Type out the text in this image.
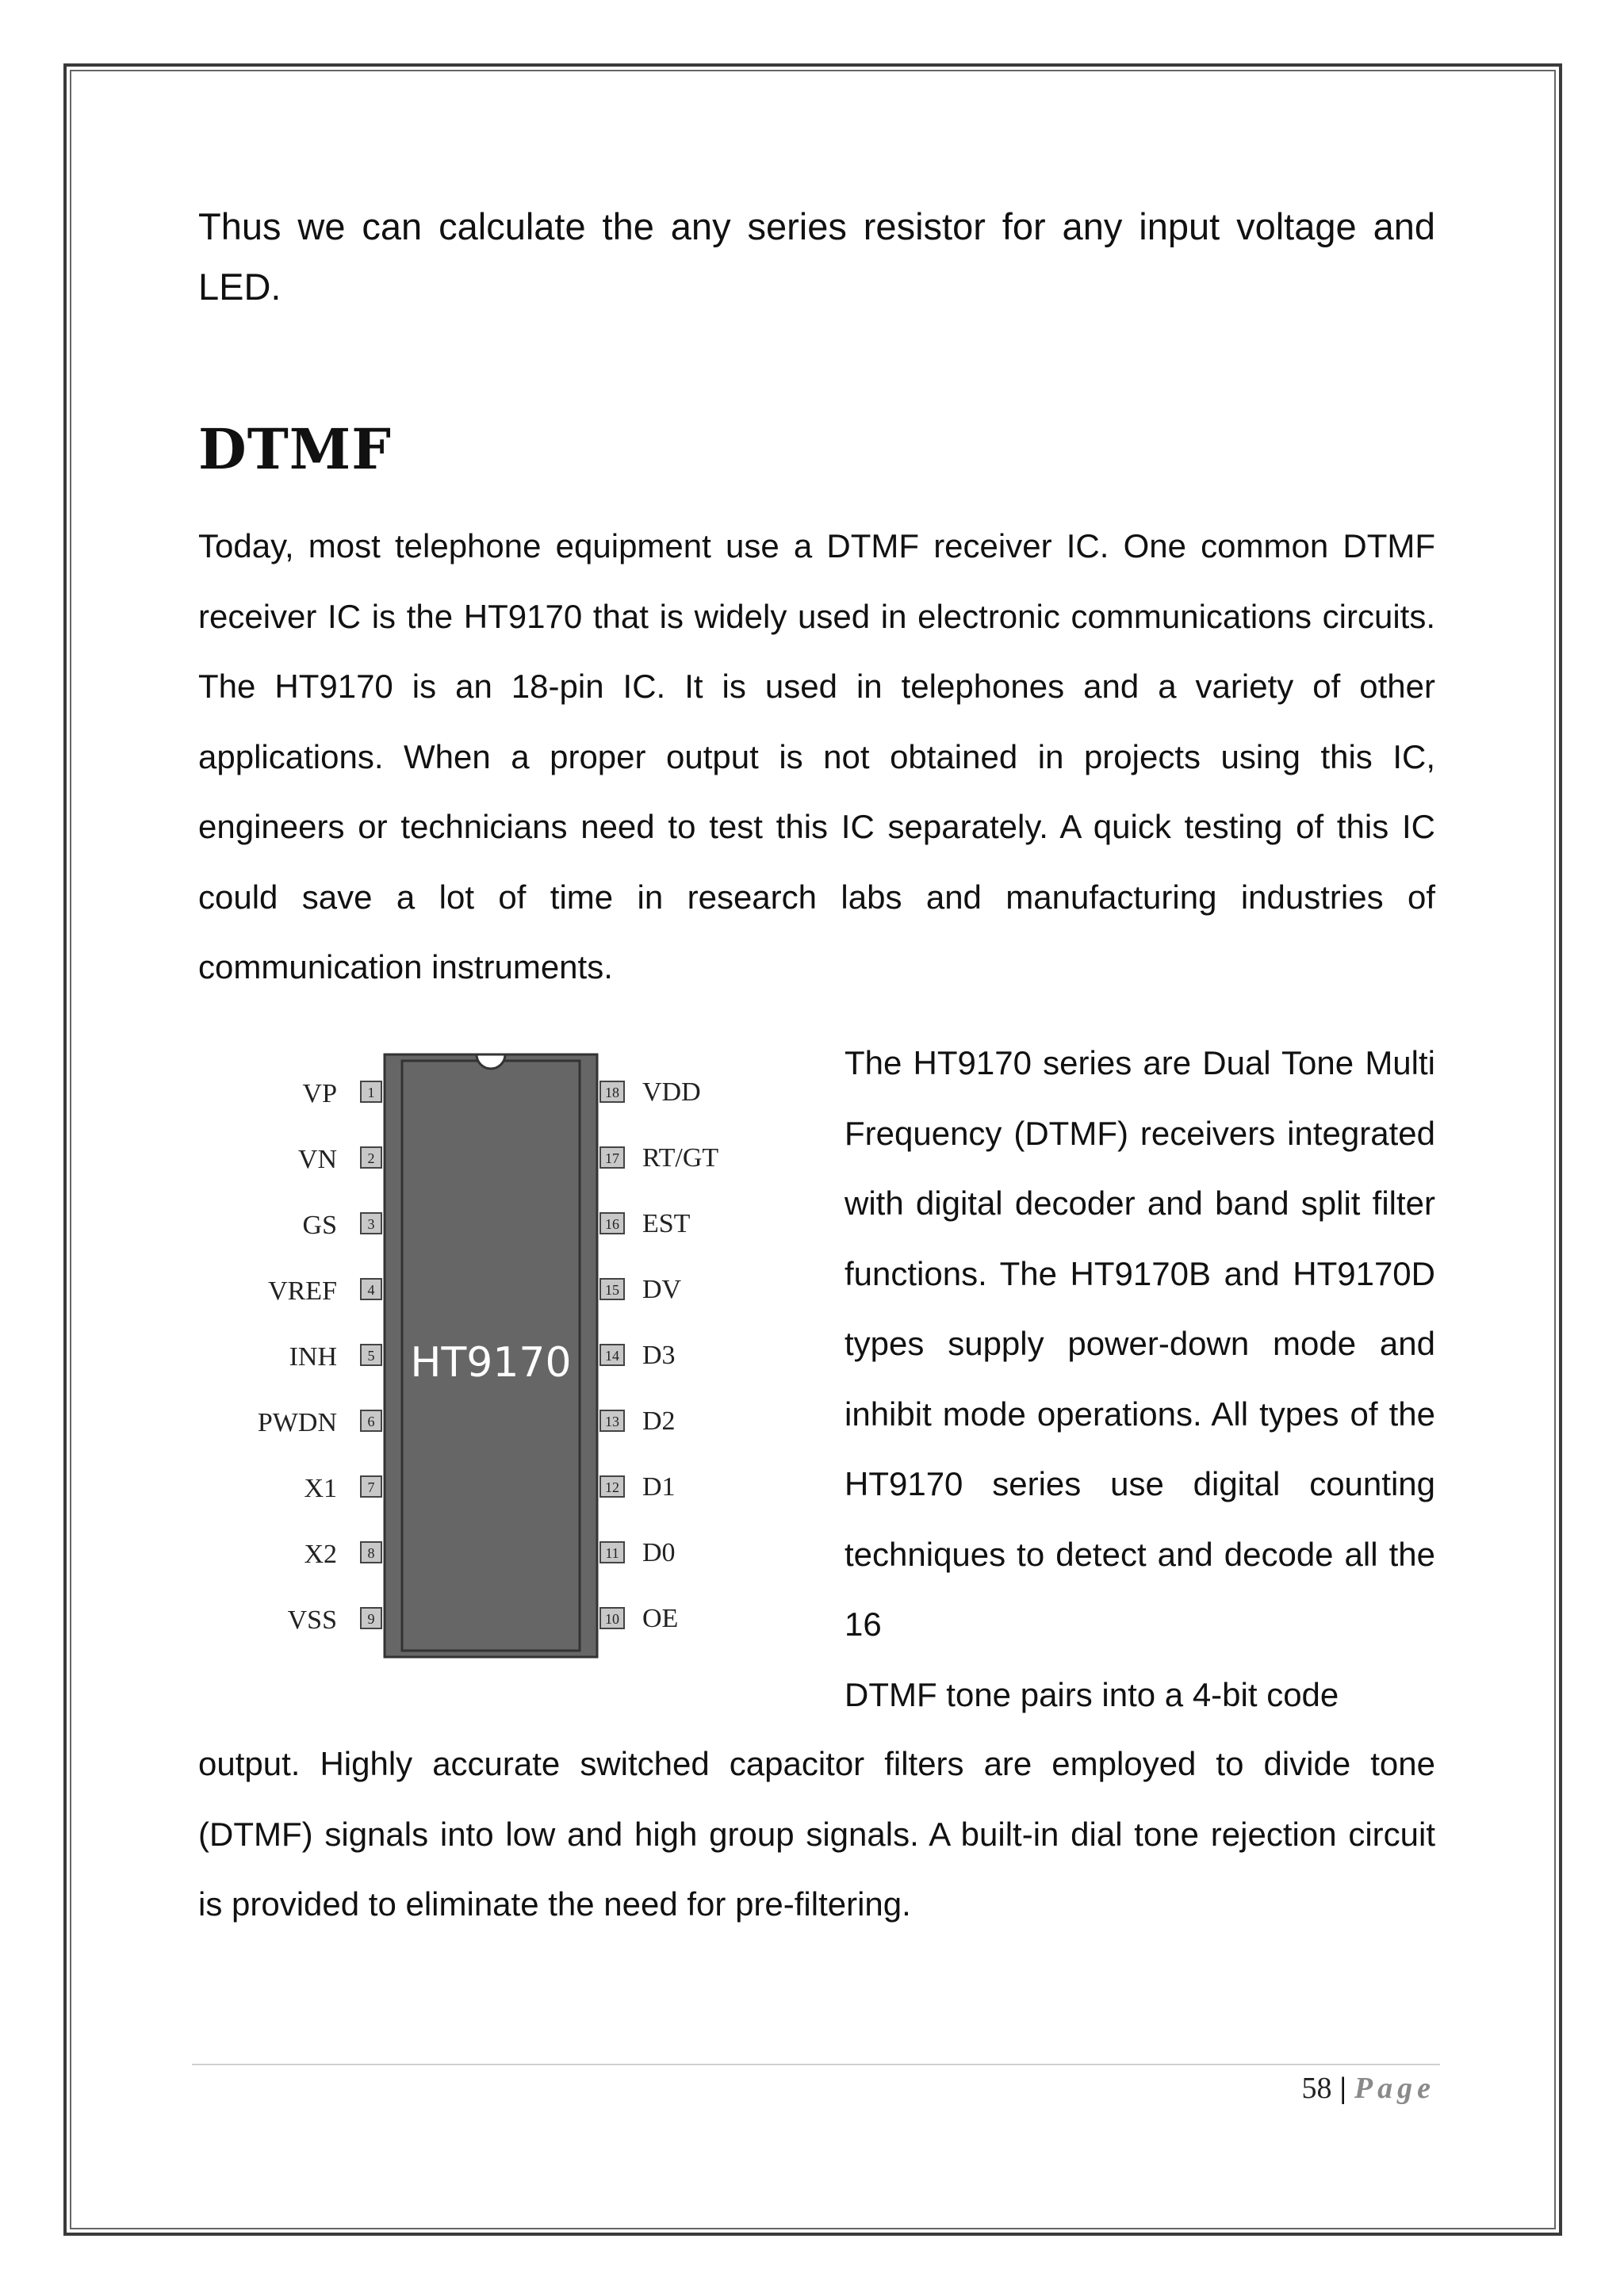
Thus we can calculate the any series resistor for any input voltage and LED.

DTMF

Today, most telephone equipment use a DTMF receiver IC. One common DTMF receiver IC is the HT9170 that is widely used in electronic communications circuits. The HT9170 is an 18-pin IC. It is used in telephones and a variety of other applications. When a proper output is not obtained in projects using this IC, engineers or technicians need to test this IC separately. A quick testing of this IC could save a lot of time in research labs and manufacturing industries of communication instruments.

HT9170
1
VP
2
VN
3
GS
4
VREF
5
INH
6
PWDN
7
X1
8
X2
9
VSS
18 VDD
17 RT/GT
16 EST
15 DV
14 D3
13 D2
12 D1
11 D0
10 OE

The HT9170 series are Dual Tone Multi Frequency (DTMF) receivers integrated with digital decoder and band split filter functions. The HT9170B and HT9170D types supply power-down mode and inhibit mode operations. All types of the HT9170 series use digital counting techniques to detect and decode all the 16
DTMF tone pairs into a 4-bit code

output. Highly accurate switched capacitor filters are employed to divide tone (DTMF) signals into low and high group signals. A built-in dial tone rejection circuit is provided to eliminate the need for pre-filtering.

58 | Page
